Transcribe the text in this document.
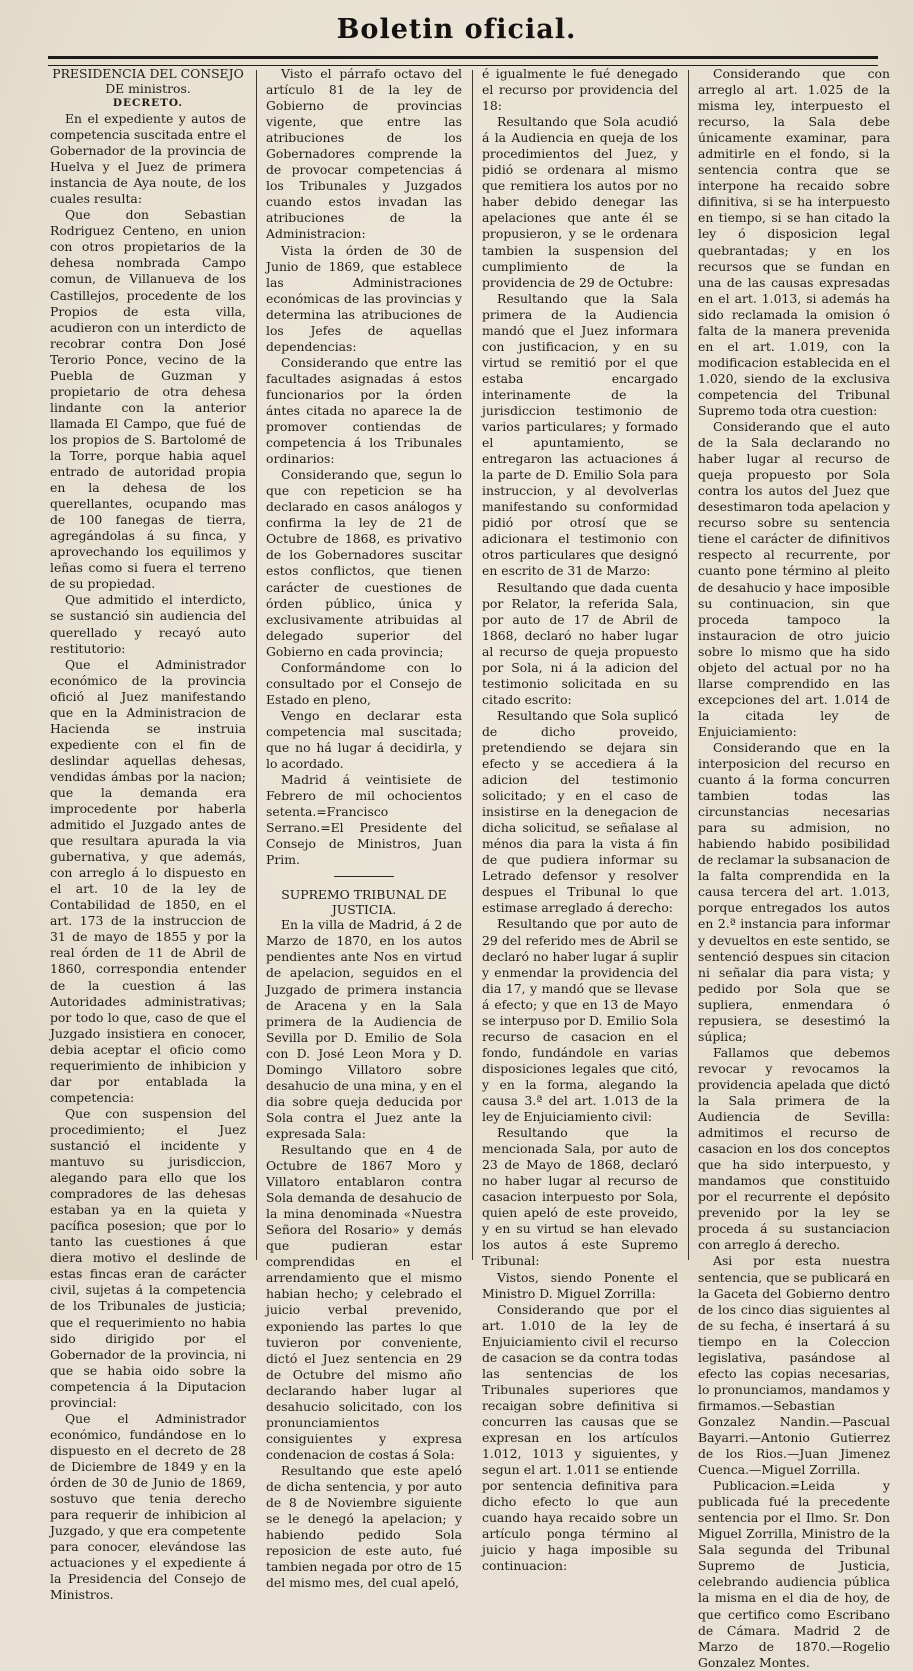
Boletin oficial.

PRESIDENCIA DEL CONSEJO DE ministros.

DECRETO.

En el expediente y autos de competencia suscitada entre el Gobernador de la provincia de Huelva y el Juez de primera instancia de Aya noute, de los cuales resulta:

Que don Sebastian Rodriguez Centeno, en union con otros propietarios de la dehesa nombrada Campo comun, de Villanueva de los Castillejos, procedente de los Propios de esta villa, acudieron con un interdicto de recobrar contra Don José Terorio Ponce, vecino de la Puebla de Guzman y propietario de otra dehesa lindante con la anterior llamada El Campo, que fué de los propios de S. Bartolomé de la Torre, porque habia aquel entrado de autoridad propia en la dehesa de los querellantes, ocupando mas de 100 fanegas de tierra, agregándolas á su finca, y aprovechando los equilimos y leñas como si fuera el terreno de su propiedad.

Que admitido el interdicto, se sustanció sin audiencia del querellado y recayó auto restitutorio:

Que el Administrador económico de la provincia ofició al Juez manifestando que en la Administracion de Hacienda se instruia expediente con el fin de deslindar aquellas dehesas, vendidas ámbas por la nacion; que la demanda era improcedente por haberla admitido el Juzgado antes de que resultara apurada la via gubernativa, y que además, con arreglo á lo dispuesto en el art. 10 de la ley de Contabilidad de 1850, en el art. 173 de la instruccion de 31 de mayo de 1855 y por la real órden de 11 de Abril de 1860, correspondia entender de la cuestion á las Autoridades administrativas; por todo lo que, caso de que el Juzgado insistiera en conocer, debia aceptar el oficio como requerimiento de inhibicion y dar por entablada la competencia:

Que con suspension del procedimiento; el Juez sustanció el incidente y mantuvo su jurisdiccion, alegando para ello que los compradores de las dehesas estaban ya en la quieta y pacífica posesion; que por lo tanto las cuestiones á que diera motivo el deslinde de estas fincas eran de carácter civil, sujetas á la competencia de los Tribunales de justicia; que el requerimiento no habia sido dirigido por el Gobernador de la provincia, ni que se habia oido sobre la competencia á la Diputacion provincial:

Que el Administrador económico, fundándose en lo dispuesto en el decreto de 28 de Diciembre de 1849 y en la órden de 30 de Junio de 1869, sostuvo que tenia derecho para requerir de inhibicion al Juzgado, y que era competente para conocer, elevándose las actuaciones y el expediente á la Presidencia del Consejo de Ministros.

Visto el párrafo octavo del artículo 81 de la ley de Gobierno de provincias vigente, que entre las atribuciones de los Gobernadores comprende la de provocar competencias á los Tribunales y Juzgados cuando estos invadan las atribuciones de la Administracion:

Vista la órden de 30 de Junio de 1869, que establece las Administraciones económicas de las provincias y determina las atribuciones de los Jefes de aquellas dependencias:

Considerando que entre las facultades asignadas á estos funcionarios por la órden ántes citada no aparece la de promover contiendas de competencia á los Tribunales ordinarios:

Considerando que, segun lo que con repeticion se ha declarado en casos análogos y confirma la ley de 21 de Octubre de 1868, es privativo de los Gobernadores suscitar estos conflictos, que tienen carácter de cuestiones de órden público, única y exclusivamente atribuidas al delegado superior del Gobierno en cada provincia;

Conformándome con lo consultado por el Consejo de Estado en pleno,

Vengo en declarar esta competencia mal suscitada; que no há lugar á decidirla, y lo acordado.

Madrid á veintisiete de Febrero de mil ochocientos setenta.=Francisco Serrano.=El Presidente del Consejo de Ministros, Juan Prim.

SUPREMO TRIBUNAL DE JUSTICIA.

En la villa de Madrid, á 2 de Marzo de 1870, en los autos pendientes ante Nos en virtud de apelacion, seguidos en el Juzgado de primera instancia de Aracena y en la Sala primera de la Audiencia de Sevilla por D. Emilio de Sola con D. José Leon Mora y D. Domingo Villatoro sobre desahucio de una mina, y en el dia sobre queja deducida por Sola contra el Juez ante la expresada Sala:

Resultando que en 4 de Octubre de 1867 Moro y Villatoro entablaron contra Sola demanda de desahucio de la mina denominada «Nuestra Señora del Rosario» y demás que pudieran estar comprendidas en el arrendamiento que el mismo habian hecho; y celebrado el juicio verbal prevenido, exponiendo las partes lo que tuvieron por conveniente, dictó el Juez sentencia en 29 de Octubre del mismo año declarando haber lugar al desahucio solicitado, con los pronunciamientos consiguientes y expresa condenacion de costas á Sola:

Resultando que este apeló de dicha sentencia, y por auto de 8 de Noviembre siguiente se le denegó la apelacion; y habiendo pedido Sola reposicion de este auto, fué tambien negada por otro de 15 del mismo mes, del cual apeló,

é igualmente le fué denegado el recurso por providencia del 18:

Resultando que Sola acudió á la Audiencia en queja de los procedimientos del Juez, y pidió se ordenara al mismo que remitiera los autos por no haber debido denegar las apelaciones que ante él se propusieron, y se le ordenara tambien la suspension del cumplimiento de la providencia de 29 de Octubre:

Resultando que la Sala primera de la Audiencia mandó que el Juez informara con justificacion, y en su virtud se remitió por el que estaba encargado interinamente de la jurisdiccion testimonio de varios particulares; y formado el apuntamiento, se entregaron las actuaciones á la parte de D. Emilio Sola para instruccion, y al devolverlas manifestando su conformidad pidió por otrosí que se adicionara el testimonio con otros particulares que designó en escrito de 31 de Marzo:

Resultando que dada cuenta por Relator, la referida Sala, por auto de 17 de Abril de 1868, declaró no haber lugar al recurso de queja propuesto por Sola, ni á la adicion del testimonio solicitada en su citado escrito:

Resultando que Sola suplicó de dicho proveido, pretendiendo se dejara sin efecto y se accediera á la adicion del testimonio solicitado; y en el caso de insistirse en la denegacion de dicha solicitud, se señalase al ménos dia para la vista á fin de que pudiera informar su Letrado defensor y resolver despues el Tribunal lo que estimase arreglado á derecho:

Resultando que por auto de 29 del referido mes de Abril se declaró no haber lugar á suplir y enmendar la providencia del dia 17, y mandó que se llevase á efecto; y que en 13 de Mayo se interpuso por D. Emilio Sola recurso de casacion en el fondo, fundándole en varias disposiciones legales que citó, y en la forma, alegando la causa 3.ª del art. 1.013 de la ley de Enjuiciamiento civil:

Resultando que la mencionada Sala, por auto de 23 de Mayo de 1868, declaró no haber lugar al recurso de casacion interpuesto por Sola, quien apeló de este proveido, y en su virtud se han elevado los autos á este Supremo Tribunal:

Vistos, siendo Ponente el Ministro D. Miguel Zorrilla:

Considerando que por el art. 1.010 de la ley de Enjuiciamiento civil el recurso de casacion se da contra todas las sentencias de los Tribunales superiores que recaigan sobre definitiva si concurren las causas que se expresan en los artículos 1.012, 1013 y siguientes, y segun el art. 1.011 se entiende por sentencia definitiva para dicho efecto lo que aun cuando haya recaido sobre un artículo ponga término al juicio y haga imposible su continuacion:

Considerando que con arreglo al art. 1.025 de la misma ley, interpuesto el recurso, la Sala debe únicamente examinar, para admitirle en el fondo, si la sentencia contra que se interpone ha recaido sobre difinitiva, si se ha interpuesto en tiempo, si se han citado la ley ó disposicion legal quebrantadas; y en los recursos que se fundan en una de las causas expresadas en el art. 1.013, si además ha sido reclamada la omision ó falta de la manera prevenida en el art. 1.019, con la modificacion establecida en el 1.020, siendo de la exclusiva competencia del Tribunal Supremo toda otra cuestion:

Considerando que el auto de la Sala declarando no haber lugar al recurso de queja propuesto por Sola contra los autos del Juez que desestimaron toda apelacion y recurso sobre su sentencia tiene el carácter de difinitivos respecto al recurrente, por cuanto pone término al pleito de desahucio y hace imposible su continuacion, sin que proceda tampoco la instauracion de otro juicio sobre lo mismo que ha sido objeto del actual por no ha llarse comprendido en las excepciones del art. 1.014 de la citada ley de Enjuiciamiento:

Considerando que en la interposicion del recurso en cuanto á la forma concurren tambien todas las circunstancias necesarias para su admision, no habiendo habido posibilidad de reclamar la subsanacion de la falta comprendida en la causa tercera del art. 1.013, porque entregados los autos en 2.ª instancia para informar y devueltos en este sentido, se sentenció despues sin citacion ni señalar dia para vista; y pedido por Sola que se supliera, enmendara ó repusiera, se desestimó la súplica;

Fallamos que debemos revocar y revocamos la providencia apelada que dictó la Sala primera de la Audiencia de Sevilla: admitimos el recurso de casacion en los dos conceptos que ha sido interpuesto, y mandamos que constituido por el recurrente el depósito prevenido por la ley se proceda á su sustanciacion con arreglo á derecho.

Asi por esta nuestra sentencia, que se publicará en la Gaceta del Gobierno dentro de los cinco dias siguientes al de su fecha, é insertará á su tiempo en la Coleccion legislativa, pasándose al efecto las copias necesarias, lo pronunciamos, mandamos y firmamos.—Sebastian Gonzalez Nandin.—Pascual Bayarri.—Antonio Gutierrez de los Rios.—Juan Jimenez Cuenca.—Miguel Zorrilla.

Publicacion.=Leida y publicada fué la precedente sentencia por el Ilmo. Sr. Don Miguel Zorrilla, Ministro de la Sala segunda del Tribunal Supremo de Justicia, celebrando audiencia pública la misma en el dia de hoy, de que certifico como Escribano de Cámara. Madrid 2 de Marzo de 1870.—Rogelio Gonzalez Montes.
